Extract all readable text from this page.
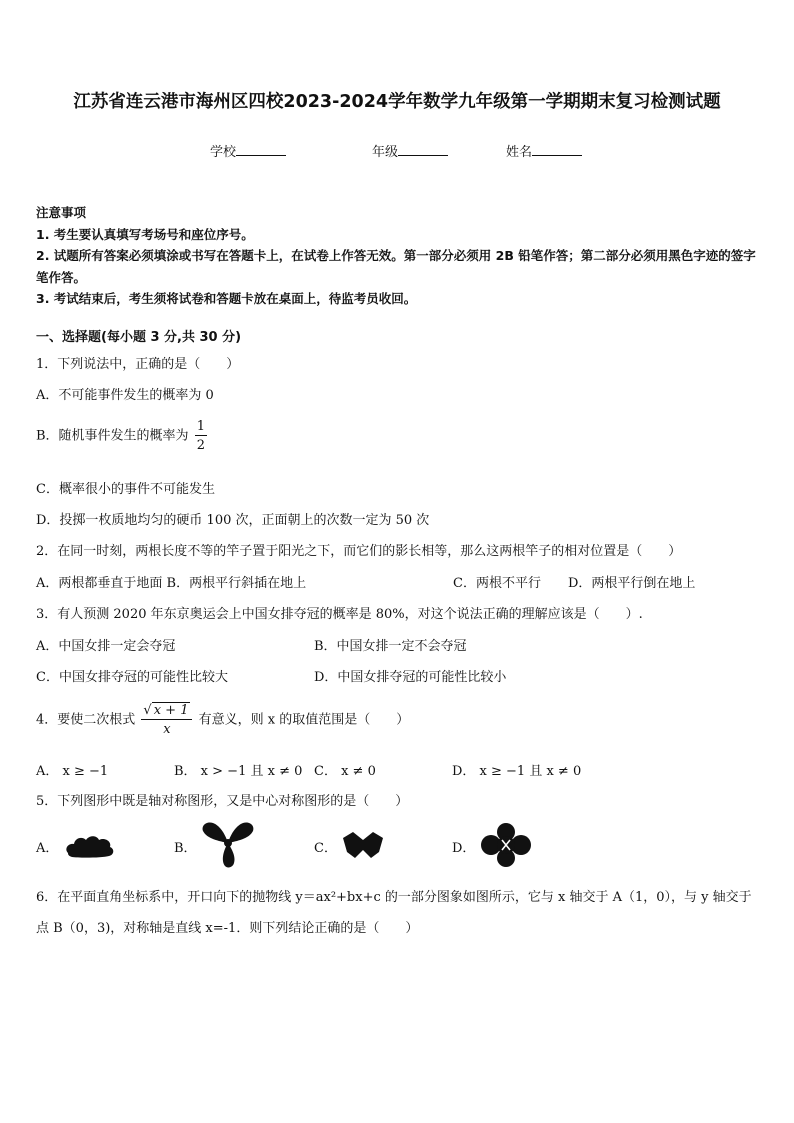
江苏省连云港市海州区四校2023-2024学年数学九年级第一学期期末复习检测试题
学校	年级	姓名
注意事项
1. 考生要认真填写考场号和座位序号。
2. 试题所有答案必须填涂或书写在答题卡上，在试卷上作答无效。第一部分必须用 2B 铅笔作答；第二部分必须用黑色字迹的签字笔作答。
3. 考试结束后，考生须将试卷和答题卡放在桌面上，待监考员收回。
一、选择题(每小题 3 分,共 30 分)
1．下列说法中，正确的是（　　）
A．不可能事件发生的概率为 0
B．随机事件发生的概率为 $\frac{1}{2}$
C．概率很小的事件不可能发生
D．投掷一枚质地均匀的硬币 100 次，正面朝上的次数一定为 50 次
2．在同一时刻，两根长度不等的竿子置于阳光之下，而它们的影长相等，那么这两根竿子的相对位置是（　　）
A．两根都垂直于地面 B．两根平行斜插在地上	C．两根不平行 D．两根平行倒在地上
3．有人预测 2020 年东京奥运会上中国女排夺冠的概率是 80%，对这个说法正确的理解应该是（　　）.
A．中国女排一定会夺冠	B．中国女排一定不会夺冠
C．中国女排夺冠的可能性比较大	D．中国女排夺冠的可能性比较小
4．要使二次根式 $\frac{√ x + 1}{x}$ 有意义，则 x 的取值范围是（　　）
A． x ≥ −1	B． x > −1 且 x ≠ 0 C． x ≠ 0	D． x ≥ −1 且 x ≠ 0
5．下列图形中既是轴对称图形，又是中心对称图形的是（　　）
A．	B．	C．	D．
6．在平面直角坐标系中，开口向下的抛物线 y＝ax²+bx+c 的一部分图象如图所示，它与 x 轴交于 A（1，0），与 y 轴交于点 B（0，3)，对称轴是直线 x=-1．则下列结论正确的是（　　）
